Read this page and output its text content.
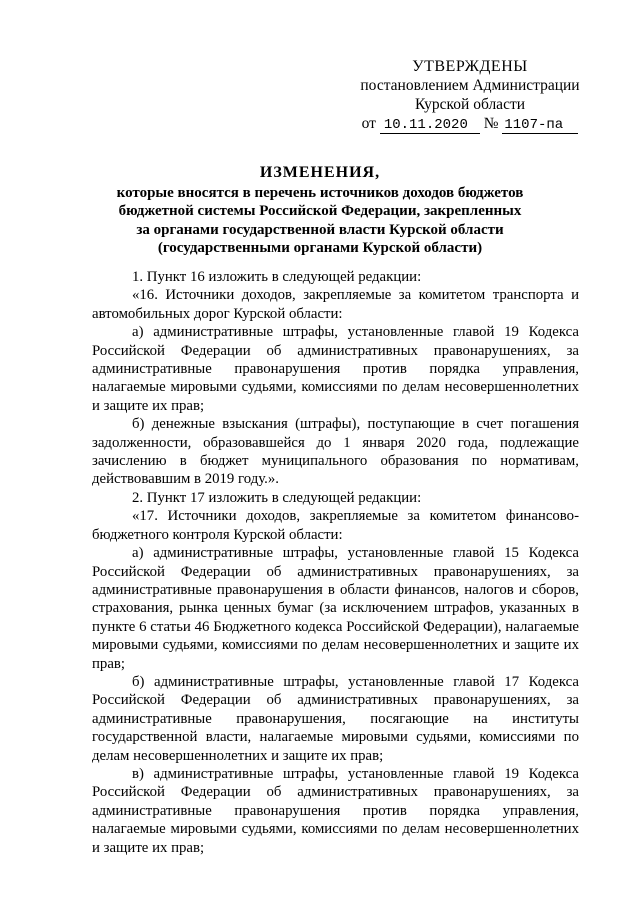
УТВЕРЖДЕНЫ
постановлением Администрации
Курской области
от 10.11.2020 № 1107-па
ИЗМЕНЕНИЯ,
которые вносятся в перечень источников доходов бюджетов
бюджетной системы Российской Федерации, закрепленных
за органами государственной власти Курской области
(государственными органами Курской области)

1. Пункт 16 изложить в следующей редакции:

«16. Источники доходов, закрепляемые за комитетом транспорта и автомобильных дорог Курской области:

а) административные штрафы, установленные главой 19 Кодекса Российской Федерации об административных правонарушениях, за административные правонарушения против порядка управления, налагаемые мировыми судьями, комиссиями по делам несовершеннолетних и защите их прав;

б) денежные взыскания (штрафы), поступающие в счет погашения задолженности, образовавшейся до 1 января 2020 года, подлежащие зачислению в бюджет муниципального образования по нормативам, действовавшим в 2019 году.».

2. Пункт 17 изложить в следующей редакции:

«17. Источники доходов, закрепляемые за комитетом финансово-бюджетного контроля Курской области:

а) административные штрафы, установленные главой 15 Кодекса Российской Федерации об административных правонарушениях, за административные правонарушения в области финансов, налогов и сборов, страхования, рынка ценных бумаг (за исключением штрафов, указанных в пункте 6 статьи 46 Бюджетного кодекса Российской Федерации), налагаемые мировыми судьями, комиссиями по делам несовершеннолетних и защите их прав;

б) административные штрафы, установленные главой 17 Кодекса Российской Федерации об административных правонарушениях, за административные правонарушения, посягающие на институты государственной власти, налагаемые мировыми судьями, комиссиями по делам несовершеннолетних и защите их прав;

в) административные штрафы, установленные главой 19 Кодекса Российской Федерации об административных правонарушениях, за административные правонарушения против порядка управления, налагаемые мировыми судьями, комиссиями по делам несовершеннолетних и защите их прав;
